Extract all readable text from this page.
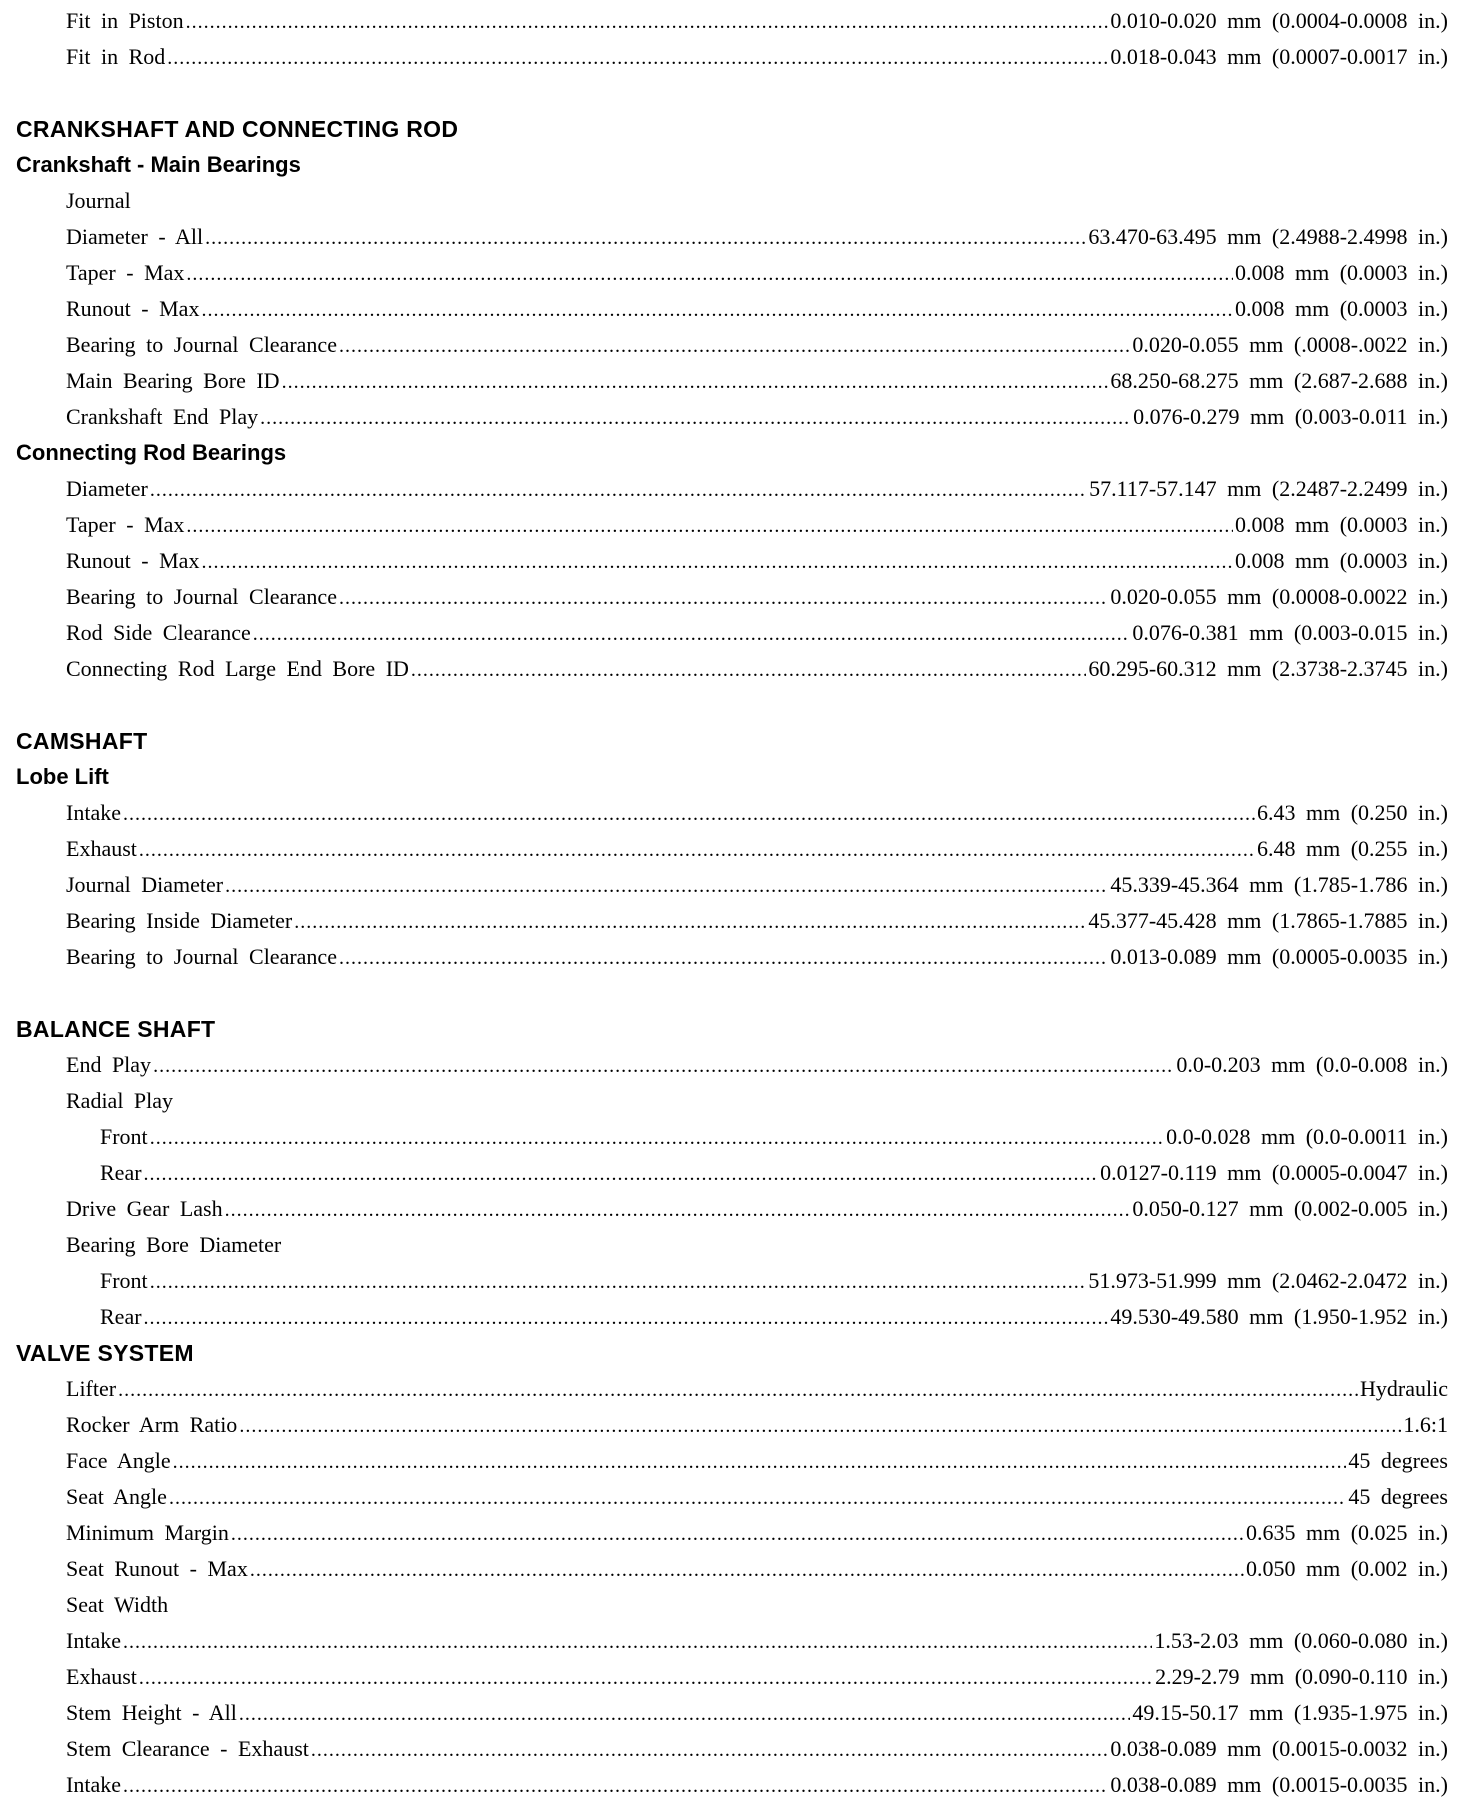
Fit in Piston .....	0.010-0.020 mm (0.0004-0.0008 in.)
Fit in Rod .....	0.018-0.043 mm (0.0007-0.0017 in.)
CRANKSHAFT AND CONNECTING ROD
Crankshaft - Main Bearings
Journal
Diameter - All .....	63.470-63.495 mm (2.4988-2.4998 in.)
Taper - Max .....	0.008 mm (0.0003 in.)
Runout - Max .....	0.008 mm (0.0003 in.)
Bearing to Journal Clearance .....	0.020-0.055 mm (.0008-.0022 in.)
Main Bearing Bore ID .....	68.250-68.275 mm (2.687-2.688 in.)
Crankshaft End Play .....	0.076-0.279 mm (0.003-0.011 in.)
Connecting Rod Bearings
Diameter .....	57.117-57.147 mm (2.2487-2.2499 in.)
Taper - Max .....	0.008 mm (0.0003 in.)
Runout - Max .....	0.008 mm (0.0003 in.)
Bearing to Journal Clearance .....	0.020-0.055 mm (0.0008-0.0022 in.)
Rod Side Clearance .....	0.076-0.381 mm (0.003-0.015 in.)
Connecting Rod Large End Bore ID .....	60.295-60.312 mm (2.3738-2.3745 in.)
CAMSHAFT
Lobe Lift
Intake .....	6.43 mm (0.250 in.)
Exhaust .....	6.48 mm (0.255 in.)
Journal Diameter .....	45.339-45.364 mm (1.785-1.786 in.)
Bearing Inside Diameter .....	45.377-45.428 mm (1.7865-1.7885 in.)
Bearing to Journal Clearance .....	0.013-0.089 mm (0.0005-0.0035 in.)
BALANCE SHAFT
End Play .....	0.0-0.203 mm (0.0-0.008 in.)
Radial Play
Front .....	0.0-0.028 mm (0.0-0.0011 in.)
Rear .....	0.0127-0.119 mm (0.0005-0.0047 in.)
Drive Gear Lash .....	0.050-0.127 mm (0.002-0.005 in.)
Bearing Bore Diameter
Front .....	51.973-51.999 mm (2.0462-2.0472 in.)
Rear .....	49.530-49.580 mm (1.950-1.952 in.)
VALVE SYSTEM
Lifter .....	Hydraulic
Rocker Arm Ratio .....	1.6:1
Face Angle .....	45 degrees
Seat Angle .....	45 degrees
Minimum Margin .....	0.635 mm (0.025 in.)
Seat Runout - Max .....	0.050 mm (0.002 in.)
Seat Width
Intake .....	1.53-2.03 mm (0.060-0.080 in.)
Exhaust .....	2.29-2.79 mm (0.090-0.110 in.)
Stem Height - All .....	49.15-50.17 mm (1.935-1.975 in.)
Stem Clearance - Exhaust .....	0.038-0.089 mm (0.0015-0.0032 in.)
Intake .....	0.038-0.089 mm (0.0015-0.0035 in.)
